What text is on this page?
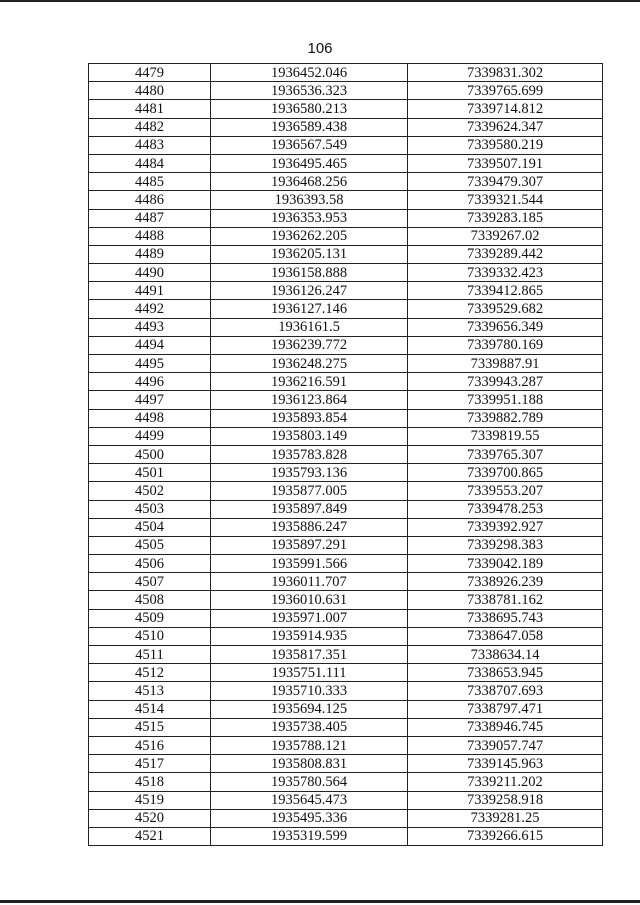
106
4479	1936452.046	7339831.302
4480	1936536.323	7339765.699
4481	1936580.213	7339714.812
4482	1936589.438	7339624.347
4483	1936567.549	7339580.219
4484	1936495.465	7339507.191
4485	1936468.256	7339479.307
4486	1936393.58	7339321.544
4487	1936353.953	7339283.185
4488	1936262.205	7339267.02
4489	1936205.131	7339289.442
4490	1936158.888	7339332.423
4491	1936126.247	7339412.865
4492	1936127.146	7339529.682
4493	1936161.5	7339656.349
4494	1936239.772	7339780.169
4495	1936248.275	7339887.91
4496	1936216.591	7339943.287
4497	1936123.864	7339951.188
4498	1935893.854	7339882.789
4499	1935803.149	7339819.55
4500	1935783.828	7339765.307
4501	1935793.136	7339700.865
4502	1935877.005	7339553.207
4503	1935897.849	7339478.253
4504	1935886.247	7339392.927
4505	1935897.291	7339298.383
4506	1935991.566	7339042.189
4507	1936011.707	7338926.239
4508	1936010.631	7338781.162
4509	1935971.007	7338695.743
4510	1935914.935	7338647.058
4511	1935817.351	7338634.14
4512	1935751.111	7338653.945
4513	1935710.333	7338707.693
4514	1935694.125	7338797.471
4515	1935738.405	7338946.745
4516	1935788.121	7339057.747
4517	1935808.831	7339145.963
4518	1935780.564	7339211.202
4519	1935645.473	7339258.918
4520	1935495.336	7339281.25
4521	1935319.599	7339266.615
